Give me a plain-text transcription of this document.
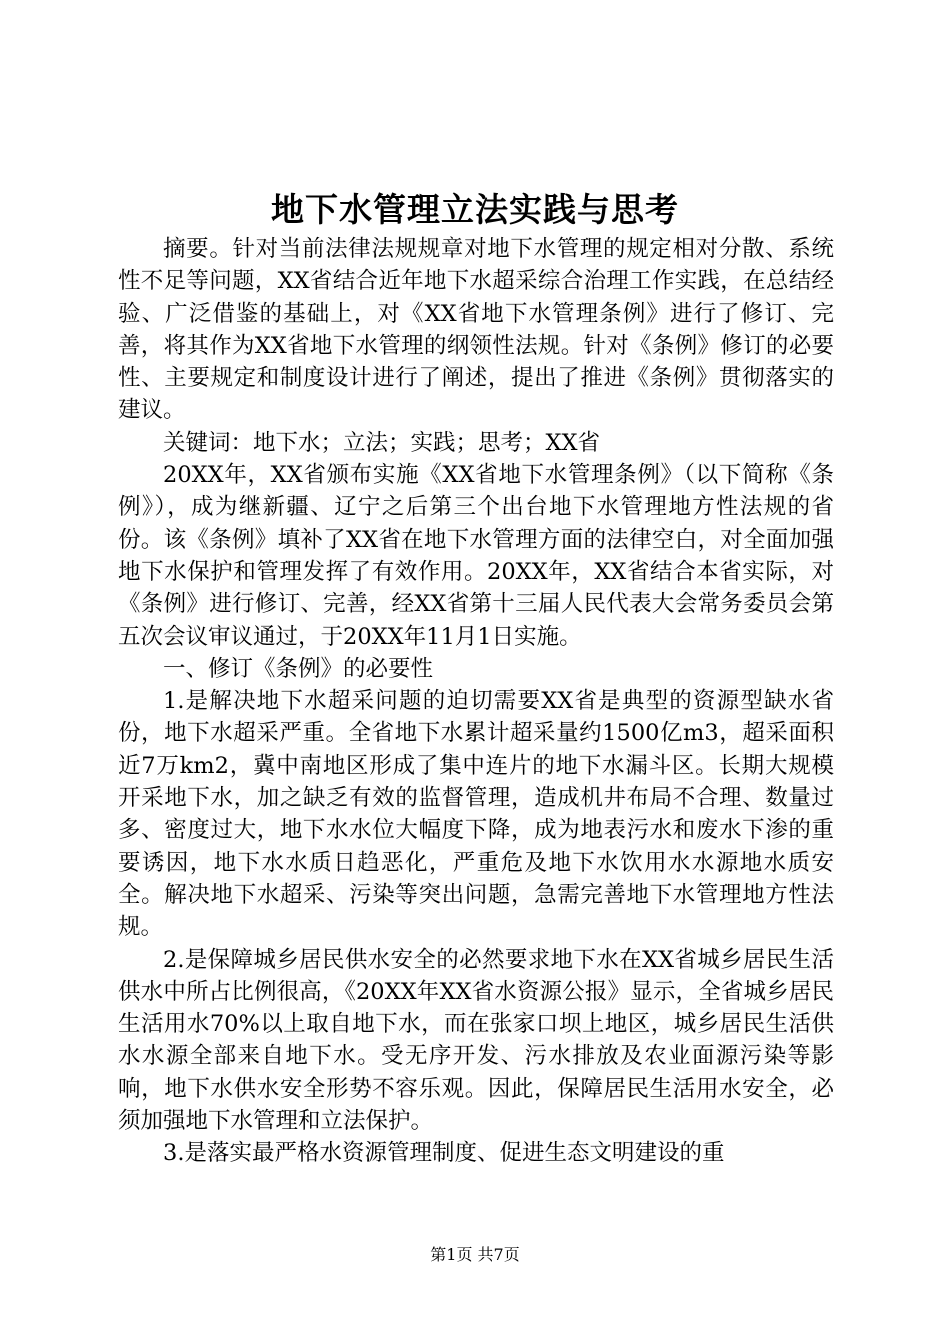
地下水管理立法实践与思考

摘要。针对当前法律法规规章对地下水管理的规定相对分散、系统性不足等问题，XX省结合近年地下水超采综合治理工作实践，在总结经验、广泛借鉴的基础上，对《XX省地下水管理条例》进行了修订、完善，将其作为XX省地下水管理的纲领性法规。针对《条例》修订的必要性、主要规定和制度设计进行了阐述，提出了推进《条例》贯彻落实的建议。

关键词：地下水；立法；实践；思考；XX省

20XX年，XX省颁布实施《XX省地下水管理条例》（以下简称《条例》），成为继新疆、辽宁之后第三个出台地下水管理地方性法规的省份。该《条例》填补了XX省在地下水管理方面的法律空白，对全面加强地下水保护和管理发挥了有效作用。20XX年，XX省结合本省实际，对《条例》进行修订、完善，经XX省第十三届人民代表大会常务委员会第五次会议审议通过，于20XX年11月1日实施。

一、修订《条例》的必要性

1.是解决地下水超采问题的迫切需要XX省是典型的资源型缺水省份，地下水超采严重。全省地下水累计超采量约1500亿m3，超采面积近7万km2，冀中南地区形成了集中连片的地下水漏斗区。长期大规模开采地下水，加之缺乏有效的监督管理，造成机井布局不合理、数量过多、密度过大，地下水水位大幅度下降，成为地表污水和废水下渗的重要诱因，地下水水质日趋恶化，严重危及地下水饮用水水源地水质安全。解决地下水超采、污染等突出问题，急需完善地下水管理地方性法规。

2.是保障城乡居民供水安全的必然要求地下水在XX省城乡居民生活供水中所占比例很高，《20XX年XX省水资源公报》显示，全省城乡居民生活用水70%以上取自地下水，而在张家口坝上地区，城乡居民生活供水水源全部来自地下水。受无序开发、污水排放及农业面源污染等影响，地下水供水安全形势不容乐观。因此，保障居民生活用水安全，必须加强地下水管理和立法保护。

3.是落实最严格水资源管理制度、促进生态文明建设的重

第1页 共7页
